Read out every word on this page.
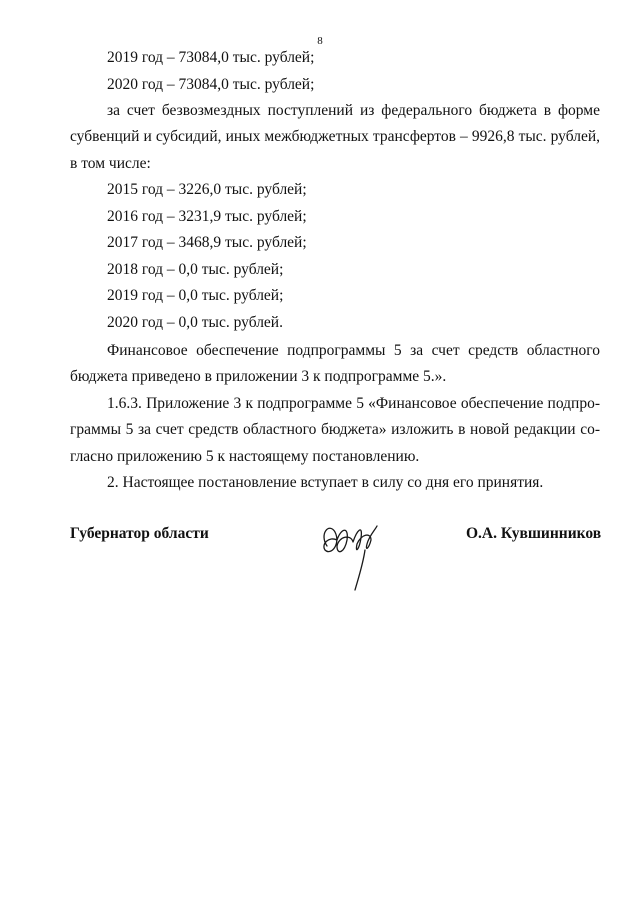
8
2019 год – 73084,0 тыс. рублей;
2020 год – 73084,0 тыс. рублей;
за счет безвозмездных поступлений из федерального бюджета в форме
субвенций и субсидий, иных межбюджетных трансфертов – 9926,8 тыс. рублей,
в том числе:
2015 год – 3226,0 тыс. рублей;
2016 год – 3231,9 тыс. рублей;
2017 год – 3468,9 тыс. рублей;
2018 год – 0,0 тыс. рублей;
2019 год – 0,0 тыс. рублей;
2020 год – 0,0 тыс. рублей.
Финансовое обеспечение подпрограммы 5 за счет средств областного
бюджета приведено в приложении 3 к подпрограмме 5.».
1.6.3. Приложение 3 к подпрограмме 5 «Финансовое обеспечение подпро-
граммы 5 за счет средств областного бюджета» изложить в новой редакции со-
гласно приложению 5 к настоящему постановлению.
2. Настоящее постановление вступает в силу со дня его принятия.
Губернатор области	О.А. Кувшинников
